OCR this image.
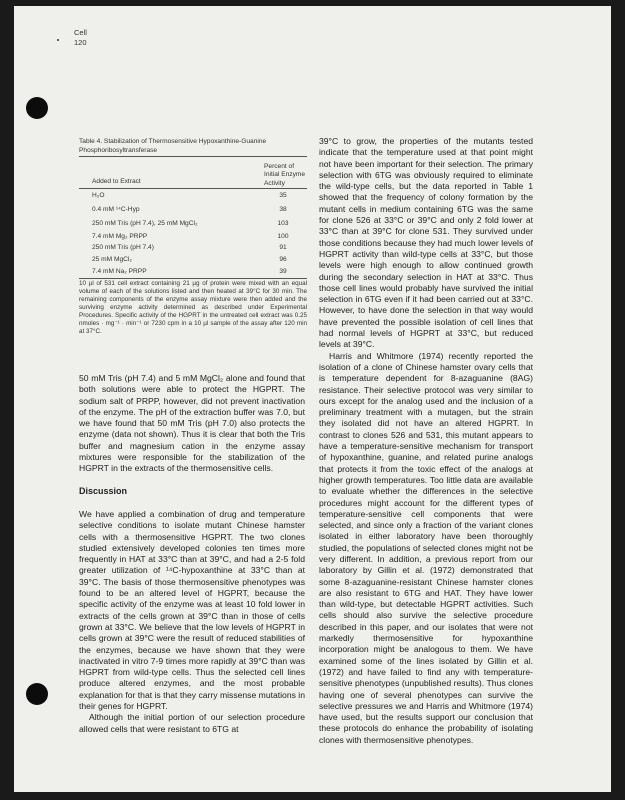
Cell
120
Table 4. Stabilization of Thermosensitive Hypoxanthine-Guanine Phosphoribosyltransferase
Percent of Initial Enzyme Activity
Added to Extract
H₂O	35
0.4 mM ¹⁴C-Hyp	38
250 mM Tris (pH 7.4), 25 mM MgCl₂	103
7.4 mM Mg₂ PRPP	100
250 mM Tris (pH 7.4)	91
25 mM MgCl₂	96
7.4 mM Na₂ PRPP	39
10 µl of 531 cell extract containing 21 µg of protein were mixed with an equal volume of each of the solutions listed and then heated at 39°C for 30 min. The remaining components of the enzyme assay mixture were then added and the surviving enzyme activity determined as described under Experimental Procedures. Specific activity of the HGPRT in the untreated cell extract was 0.25 nmoles · mg⁻¹ · min⁻¹ or 7230 cpm in a 10 µl sample of the assay after 120 min at 37°C.

50 mM Tris (pH 7.4) and 5 mM MgCl₂ alone and found that both solutions were able to protect the HGPRT. The sodium salt of PRPP, however, did not prevent inactivation of the enzyme. The pH of the extraction buffer was 7.0, but we have found that 50 mM Tris (pH 7.0) also protects the enzyme (data not shown). Thus it is clear that both the Tris buffer and magnesium cation in the enzyme assay mixtures were responsible for the stabilization of the HGPRT in the extracts of the thermosensitive cells.

Discussion

We have applied a combination of drug and temperature selective conditions to isolate mutant Chinese hamster cells with a thermosensitive HGPRT. The two clones studied extensively developed colonies ten times more frequently in HAT at 33°C than at 39°C, and had a 2-5 fold greater utilization of ¹⁴C-hypoxanthine at 33°C than at 39°C. The basis of those thermosensitive phenotypes was found to be an altered level of HGPRT, because the specific activity of the enzyme was at least 10 fold lower in extracts of the cells grown at 39°C than in those of cells grown at 33°C. We believe that the low levels of HGPRT in cells grown at 39°C were the result of reduced stabilities of the enzymes, because we have shown that they were inactivated in vitro 7-9 times more rapidly at 39°C than was HGPRT from wild-type cells. Thus the selected cell lines produce altered enzymes, and the most probable explanation for that is that they carry missense mutations in their genes for HGPRT.

Although the initial portion of our selection procedure allowed cells that were resistant to 6TG at

39°C to grow, the properties of the mutants tested indicate that the temperature used at that point might not have been important for their selection. The primary selection with 6TG was obviously required to eliminate the wild-type cells, but the data reported in Table 1 showed that the frequency of colony formation by the mutant cells in medium containing 6TG was the same for clone 526 at 33°C or 39°C and only 2 fold lower at 33°C than at 39°C for clone 531. They survived under those conditions because they had much lower levels of HGPRT activity than wild-type cells at 33°C, but those levels were high enough to allow continued growth during the secondary selection in HAT at 33°C. Thus those cell lines would probably have survived the initial selection in 6TG even if it had been carried out at 33°C. However, to have done the selection in that way would have prevented the possible isolation of cell lines that had normal levels of HGPRT at 33°C, but reduced levels at 39°C.

Harris and Whitmore (1974) recently reported the isolation of a clone of Chinese hamster ovary cells that is temperature dependent for 8-azaguanine (8AG) resistance. Their selective protocol was very similar to ours except for the analog used and the inclusion of a preliminary treatment with a mutagen, but the strain they isolated did not have an altered HGPRT. In contrast to clones 526 and 531, this mutant appears to have a temperature-sensitive mechanism for transport of hypoxanthine, guanine, and related purine analogs that protects it from the toxic effect of the analogs at higher growth temperatures. Too little data are available to evaluate whether the differences in the selective procedures might account for the different types of temperature-sensitive cell components that were selected, and since only a fraction of the variant clones isolated in either laboratory have been thoroughly studied, the populations of selected clones might not be very different. In addition, a previous report from our laboratory by Gillin et al. (1972) demonstrated that some 8-azaguanine-resistant Chinese hamster clones are also resistant to 6TG and HAT. They have lower than wild-type, but detectable HGPRT activities. Such cells should also survive the selective procedure described in this paper, and our isolates that were not markedly thermosensitive for hypoxanthine incorporation might be analogous to them. We have examined some of the lines isolated by Gillin et al. (1972) and have failed to find any with temperature-sensitive phenotypes (unpublished results). Thus clones having one of several phenotypes can survive the selective pressures we and Harris and Whitmore (1974) have used, but the results support our conclusion that these protocols do enhance the probability of isolating clones with thermosensitive phenotypes.
